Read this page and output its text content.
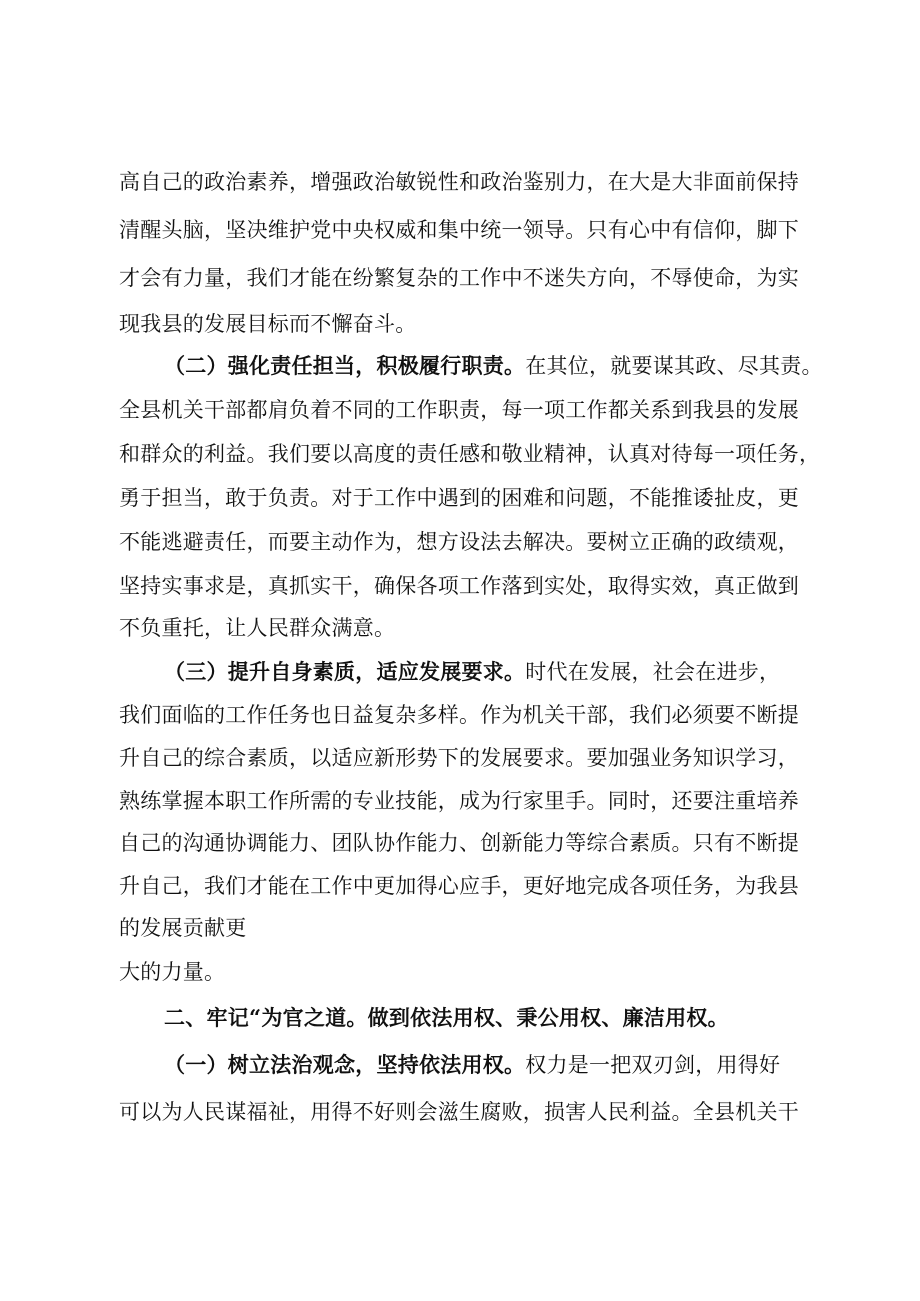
高自己的政治素养，增强政治敏锐性和政治鉴别力，在大是大非面前保持
清醒头脑，坚决维护党中央权威和集中统一领导。只有心中有信仰，脚下
才会有力量，我们才能在纷繁复杂的工作中不迷失方向，不辱使命，为实
现我县的发展目标而不懈奋斗。
（二）强化责任担当，积极履行职责。在其位，就要谋其政、尽其责。
全县机关干部都肩负着不同的工作职责，每一项工作都关系到我县的发展
和群众的利益。我们要以高度的责任感和敬业精神，认真对待每一项任务，
勇于担当，敢于负责。对于工作中遇到的困难和问题，不能推诿扯皮，更
不能逃避责任，而要主动作为，想方设法去解决。要树立正确的政绩观，
坚持实事求是，真抓实干，确保各项工作落到实处，取得实效，真正做到
不负重托，让人民群众满意。
（三）提升自身素质，适应发展要求。时代在发展，社会在进步，
我们面临的工作任务也日益复杂多样。作为机关干部，我们必须要不断提
升自己的综合素质，以适应新形势下的发展要求。要加强业务知识学习，
熟练掌握本职工作所需的专业技能，成为行家里手。同时，还要注重培养
自己的沟通协调能力、团队协作能力、创新能力等综合素质。只有不断提
升自己，我们才能在工作中更加得心应手，更好地完成各项任务，为我县
的发展贡献更
大的力量。
二、牢记“为官之道。做到依法用权、秉公用权、廉洁用权。
（一）树立法治观念，坚持依法用权。权力是一把双刃剑，用得好
可以为人民谋福祉，用得不好则会滋生腐败，损害人民利益。全县机关干
